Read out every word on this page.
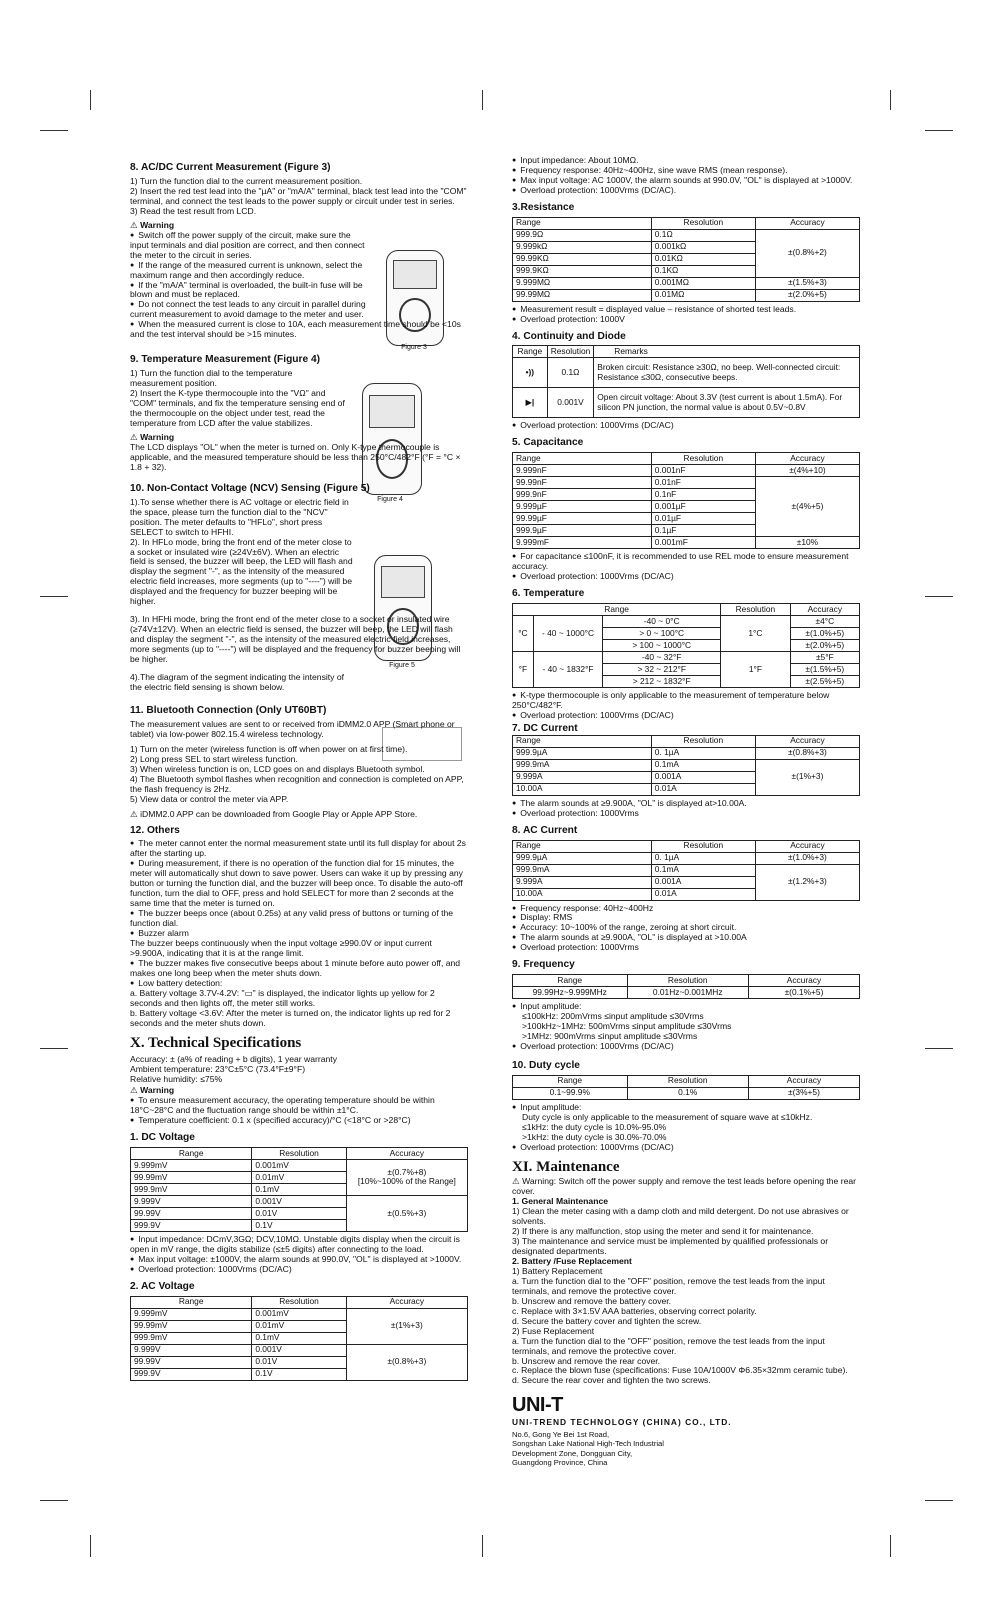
Figure 3
Figure 4
Figure 5
8. AC/DC Current Measurement (Figure 3)

1) Turn the function dial to the current measurement position.

2) Insert the red test lead into the "µA" or "mA/A" terminal, black test lead into the "COM" terminal, and connect the test leads to the power supply or circuit under test in series.

3) Read the test result from LCD.

⚠ Warning

● Switch off the power supply of the circuit, make sure the input terminals and dial position are correct, and then connect the meter to the circuit in series.

● If the range of the measured current is unknown, select the maximum range and then accordingly reduce.

● If the "mA/A" terminal is overloaded, the built-in fuse will be blown and must be replaced.

● Do not connect the test leads to any circuit in parallel during current measurement to avoid damage to the meter and user.

● When the measured current is close to 10A, each measurement time should be <10s and the test interval should be >15 minutes.

9. Temperature Measurement (Figure 4)

1) Turn the function dial to the temperature measurement position.

2) Insert the K-type thermocouple into the "VΩ" and "COM" terminals, and fix the temperature sensing end of the thermocouple on the object under test, read the temperature from LCD after the value stabilizes.

⚠ Warning

The LCD displays "OL" when the meter is turned on. Only K-type thermocouple is applicable, and the measured temperature should be less than 250°C/482°F (°F = °C × 1.8 + 32).

10. Non-Contact Voltage (NCV) Sensing (Figure 5)

1).To sense whether there is AC voltage or electric field in the space, please turn the function dial to the "NCV" position. The meter defaults to "HFLo", short press SELECT to switch to HFHI.

2). In HFLo mode, bring the front end of the meter close to a socket or insulated wire (≥24V±6V). When an electric field is sensed, the buzzer will beep, the LED will flash and display the segment "-", as the intensity of the measured electric field increases, more segments (up to "----") will be displayed and the frequency for buzzer beeping will be higher.

3). In HFHi mode, bring the front end of the meter close to a socket or insulated wire (≥74V±12V). When an electric field is sensed, the buzzer will beep, the LED will flash and display the segment "-", as the intensity of the measured electric field increases, more segments (up to "----") will be displayed and the frequency for buzzer beeping will be higher.

4).The diagram of the segment indicating the intensity of the electric field sensing is shown below.

11. Bluetooth Connection (Only UT60BT)

The measurement values are sent to or received from iDMM2.0 APP (Smart phone or tablet) via low-power 802.15.4 wireless technology.

1) Turn on the meter (wireless function is off when power on at first time).

2) Long press SEL to start wireless function.

3) When wireless function is on, LCD goes on and displays Bluetooth symbol.

4) The Bluetooth symbol flashes when recognition and connection is completed on APP, the flash frequency is 2Hz.

5) View data or control the meter via APP.

⚠ iDMM2.0 APP can be downloaded from Google Play or Apple APP Store.

12. Others

● The meter cannot enter the normal measurement state until its full display for about 2s after the starting up.

● During measurement, if there is no operation of the function dial for 15 minutes, the meter will automatically shut down to save power. Users can wake it up by pressing any button or turning the function dial, and the buzzer will beep once. To disable the auto-off function, turn the dial to OFF, press and hold SELECT for more than 2 seconds at the same time that the meter is turned on.

● The buzzer beeps once (about 0.25s) at any valid press of buttons or turning of the function dial.

● Buzzer alarm
The buzzer beeps continuously when the input voltage ≥990.0V or input current >9.900A, indicating that it is at the range limit.

● The buzzer makes five consecutive beeps about 1 minute before auto power off, and makes one long beep when the meter shuts down.

● Low battery detection:

a. Battery voltage 3.7V-4.2V: "▭" is displayed, the indicator lights up yellow for 2 seconds and then lights off, the meter still works.

b. Battery voltage <3.6V: After the meter is turned on, the indicator lights up red for 2 seconds and the meter shuts down.

X. Technical Specifications

Accuracy: ± (a% of reading + b digits), 1 year warranty

Ambient temperature: 23°C±5°C (73.4°F±9°F)

Relative humidity: ≤75%

⚠ Warning

● To ensure measurement accuracy, the operating temperature should be within 18°C~28°C and the fluctuation range should be within ±1°C.

● Temperature coefficient: 0.1 x (specified accuracy)/°C (<18°C or >28°C)

1. DC Voltage
Range	Resolution	Accuracy
9.999mV	0.001mV	±(0.7%+8)
[10%~100% of the Range]
99.99mV	0.01mV	
999.9mV	0.1mV	
9.999V	0.001V	±(0.5%+3)
99.99V	0.01V	
999.9V	0.1V	

● Input impedance: DCmV,3GΩ; DCV,10MΩ. Unstable digits display when the circuit is open in mV range, the digits stabilize (≤±5 digits) after connecting to the load.

● Max input voltage: ±1000V, the alarm sounds at 990.0V, "OL" is displayed at >1000V.

● Overload protection: 1000Vrms (DC/AC)

2. AC Voltage
Range	Resolution	Accuracy
9.999mV	0.001mV	±(1%+3)
99.99mV	0.01mV	
999.9mV	0.1mV	
9.999V	0.001V	±(0.8%+3)
99.99V	0.01V	
999.9V	0.1V	

● Input impedance: About 10MΩ.

● Frequency response: 40Hz~400Hz, sine wave RMS (mean response).

● Max input voltage: AC 1000V, the alarm sounds at 990.0V, "OL" is displayed at >1000V.

● Overload protection: 1000Vrms (DC/AC).

3.Resistance
Range	Resolution	Accuracy
999.9Ω	0.1Ω	±(0.8%+2)
9.999kΩ	0.001kΩ	
99.99KΩ	0.01KΩ	
999.9KΩ	0.1KΩ	
9.999MΩ	0.001MΩ	±(1.5%+3)
99.99MΩ	0.01MΩ	±(2.0%+5)

● Measurement result = displayed value – resistance of shorted test leads.

● Overload protection: 1000V

4. Continuity and Diode
Range	Resolution	Remarks
•))	0.1Ω	Broken circuit: Resistance ≥30Ω, no beep. Well-connected circuit: Resistance ≤30Ω, consecutive beeps.
▶|	0.001V	Open circuit voltage: About 3.3V (test current is about 1.5mA). For silicon PN junction, the normal value is about 0.5V~0.8V

● Overload protection: 1000Vrms (DC/AC)

5. Capacitance
Range	Resolution	Accuracy
9.999nF	0.001nF	±(4%+10)
99.99nF	0.01nF	±(4%+5)
999.9nF	0.1nF	
9.999µF	0.001µF	
99.99µF	0.01µF	
999.9µF	0.1µF	
9.999mF	0.001mF	±10%

● For capacitance ≤100nF, it is recommended to use REL mode to ensure measurement accuracy.

● Overload protection: 1000Vrms (DC/AC)

6. Temperature
Range			Resolution	Accuracy
°C	- 40 ~ 1000°C	-40 ~ 0°C	1°C	±4°C
		> 0 ~ 100°C		±(1.0%+5)
		> 100 ~ 1000°C		±(2.0%+5)
°F	- 40 ~ 1832°F	-40 ~ 32°F	1°F	±5°F
		> 32 ~ 212°F		±(1.5%+5)
		> 212 ~ 1832°F		±(2.5%+5)

● K-type thermocouple is only applicable to the measurement of temperature below 250°C/482°F.

● Overload protection: 1000Vrms (DC/AC)

7. DC Current
Range	Resolution	Accuracy
999.9µA	0. 1µA	±(0.8%+3)
999.9mA	0.1mA	±(1%+3)
9.999A	0.001A	
10.00A	0.01A	

● The alarm sounds at ≥9.900A, "OL" is displayed at>10.00A.

● Overload protection: 1000Vrms

8. AC Current
Range	Resolution	Accuracy
999.9µA	0. 1µA	±(1.0%+3)
999.9mA	0.1mA	±(1.2%+3)
9.999A	0.001A	
10.00A	0.01A	

● Frequency response: 40Hz~400Hz

● Display: RMS

● Accuracy: 10~100% of the range, zeroing at short circuit.

● The alarm sounds at ≥9.900A, "OL" is displayed at >10.00A

● Overload protection: 1000Vrms

9. Frequency
Range	Resolution	Accuracy
99.99Hz~9.999MHz	0.01Hz~0.001MHz	±(0.1%+5)

● Input amplitude:

≤100kHz: 200mVrms ≤input amplitude ≤30Vrms

>100kHz~1MHz: 500mVrms ≤input amplitude ≤30Vrms

>1MHz: 900mVrms ≤input amplitude ≤30Vrms

● Overload protection: 1000Vrms (DC/AC)

10. Duty cycle
Range	Resolution	Accuracy
0.1~99.9%	0.1%	±(3%+5)

● Input amplitude:

Duty cycle is only applicable to the measurement of square wave at ≤10kHz.

≤1kHz: the duty cycle is 10.0%-95.0%

>1kHz: the duty cycle is 30.0%-70.0%

● Overload protection: 1000Vrms (DC/AC)

XI. Maintenance

⚠ Warning: Switch off the power supply and remove the test leads before opening the rear cover.

1. General Maintenance

1) Clean the meter casing with a damp cloth and mild detergent. Do not use abrasives or solvents.

2) If there is any malfunction, stop using the meter and send it for maintenance.

3) The maintenance and service must be implemented by qualified professionals or designated departments.

2. Battery /Fuse Replacement

1) Battery Replacement

a. Turn the function dial to the "OFF" position, remove the test leads from the input terminals, and remove the protective cover.

b. Unscrew and remove the battery cover.

c. Replace with 3×1.5V AAA batteries, observing correct polarity.

d. Secure the battery cover and tighten the screw.

2) Fuse Replacement

a. Turn the function dial to the "OFF" position, remove the test leads from the input terminals, and remove the protective cover.

b. Unscrew and remove the rear cover.

c. Replace the blown fuse (specifications: Fuse 10A/1000V Φ6.35×32mm ceramic tube).

d. Secure the rear cover and tighten the two screws.

UNI-T
UNI-TREND TECHNOLOGY (CHINA) CO., LTD.
No.6, Gong Ye Bei 1st Road,
Songshan Lake National High-Tech Industrial
Development Zone, Dongguan City,
Guangdong Province, China
